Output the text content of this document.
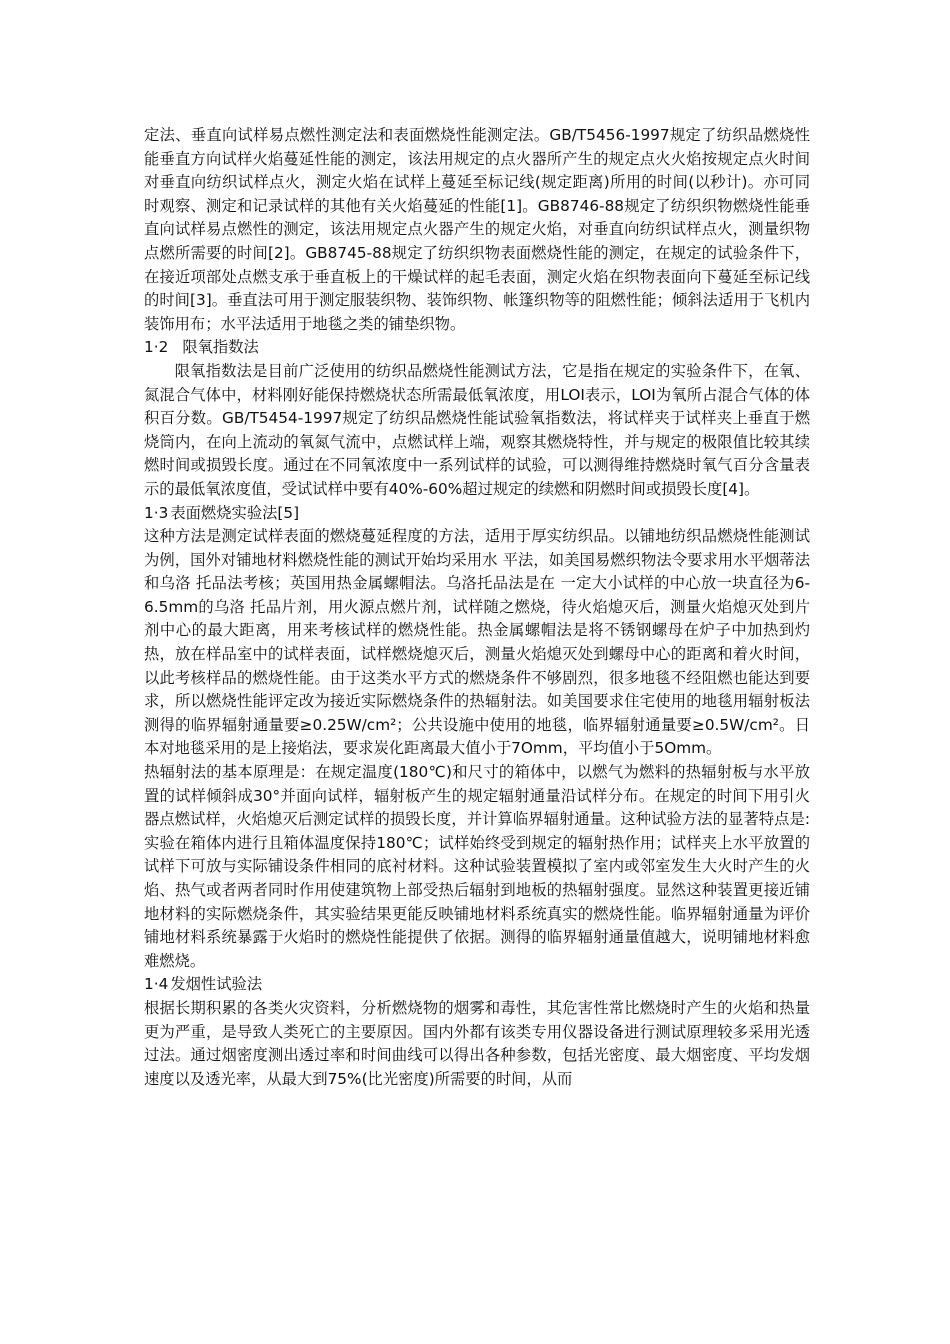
定法、垂直向试样易点燃性测定法和表面燃烧性能测定法。GB/T5456-1997规定了纺织品燃烧性能垂直方向试样火焰蔓延性能的测定，该法用规定的点火器所产生的规定点火火焰按规定点火时间对垂直向纺织试样点火，测定火焰在试样上蔓延至标记线(规定距离)所用的时间(以秒计)。亦可同时观察、测定和记录试样的其他有关火焰蔓延的性能[1]。GB8746-88规定了纺织织物燃烧性能垂直向试样易点燃性的测定，该法用规定点火器产生的规定火焰，对垂直向纺织试样点火，测量织物点燃所需要的时间[2]。GB8745-88规定了纺织织物表面燃烧性能的测定，在规定的试验条件下，在接近项部处点燃支承于垂直板上的干燥试样的起毛表面，测定火焰在织物表面向下蔓延至标记线的时间[3]。垂直法可用于测定服装织物、装饰织物、帐篷织物等的阻燃性能；倾斜法适用于飞机内装饰用布；水平法适用于地毯之类的铺垫织物。

1·2 限氧指数法

限氧指数法是目前广泛使用的纺织品燃烧性能测试方法，它是指在规定的实验条件下，在氧、氮混合气体中，材料刚好能保持燃烧状态所需最低氧浓度，用LOI表示，LOI为氧所占混合气体的体积百分数。GB/T5454-1997规定了纺织品燃烧性能试验氧指数法，将试样夹于试样夹上垂直于燃烧筒内，在向上流动的氧氮气流中，点燃试样上端，观察其燃烧特性，并与规定的极限值比较其续燃时间或损毁长度。通过在不同氧浓度中一系列试样的试验，可以测得维持燃烧时氧气百分含量表示的最低氧浓度值，受试试样中要有40%-60%超过规定的续燃和阴燃时间或损毁长度[4]。

1·3 表面燃烧实验法[5]

这种方法是测定试样表面的燃烧蔓延程度的方法，适用于厚实纺织品。以铺地纺织品燃烧性能测试 为例，国外对铺地材料燃烧性能的测试开始均采用水 平法，如美国易燃织物法令要求用水平烟蒂法和乌洛 托品法考核；英国用热金属螺帽法。乌洛托品法是在 一定大小试样的中心放一块直径为6-6.5mm的乌洛 托品片剂，用火源点燃片剂，试样随之燃烧，待火焰熄灭后，测量火焰熄灭处到片剂中心的最大距离，用来考核试样的燃烧性能。热金属螺帽法是将不锈钢螺母在炉子中加热到灼热，放在样品室中的试样表面，试样燃烧熄灭后，测量火焰熄灭处到螺母中心的距离和着火时间，以此考核样品的燃烧性能。由于这类水平方式的燃烧条件不够剧烈，很多地毯不经阻燃也能达到要求，所以燃烧性能评定改为接近实际燃烧条件的热辐射法。如美国要求住宅使用的地毯用辐射板法测得的临界辐射通量要≥0.25W/cm²；公共设施中使用的地毯，临界辐射通量要≥0.5W/cm²。日本对地毯采用的是上接焰法，要求炭化距离最大值小于7Omm，平均值小于5Omm。

热辐射法的基本原理是：在规定温度(180℃)和尺寸的箱体中，以燃气为燃料的热辐射板与水平放置的试样倾斜成30°并面向试样，辐射板产生的规定辐射通量沿试样分布。在规定的时间下用引火器点燃试样，火焰熄灭后测定试样的损毁长度，并计算临界辐射通量。这种试验方法的显著特点是: 实验在箱体内进行且箱体温度保持180℃；试样始终受到规定的辐射热作用；试样夹上水平放置的试样下可放与实际铺设条件相同的底衬材料。这种试验装置模拟了室内或邻室发生大火时产生的火焰、热气或者两者同时作用使建筑物上部受热后辐射到地板的热辐射强度。显然这种装置更接近铺地材料的实际燃烧条件，其实验结果更能反映铺地材料系统真实的燃烧性能。临界辐射通量为评价铺地材料系统暴露于火焰时的燃烧性能提供了依据。测得的临界辐射通量值越大，说明铺地材料愈难燃烧。

1·4 发烟性试验法

根据长期积累的各类火灾资料，分析燃烧物的烟雾和毒性，其危害性常比燃烧时产生的火焰和热量更为严重，是导致人类死亡的主要原因。国内外都有该类专用仪器设备进行测试原理较多采用光透过法。通过烟密度测出透过率和时间曲线可以得出各种参数，包括光密度、最大烟密度、平均发烟速度以及透光率，从最大到75%(比光密度)所需要的时间，从而
